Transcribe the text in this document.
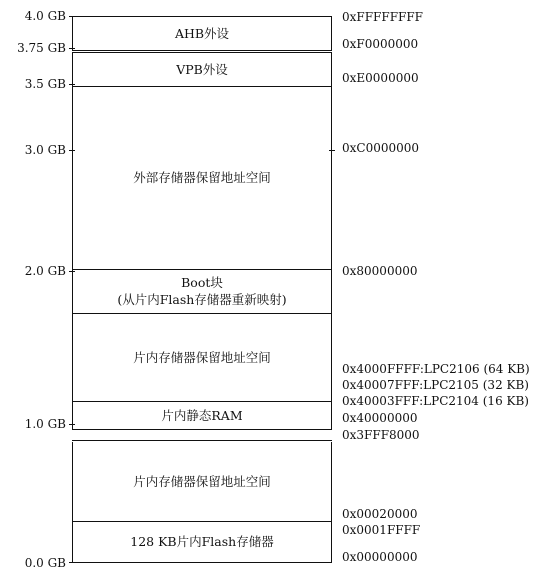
4.0 GB
3.75 GB
3.5 GB
3.0 GB
2.0 GB
1.0 GB
0.0 GB
AHB外设
VPB外设
外部存储器保留地址空间
Boot块
(从片内Flash存储器重新映射)
片内存储器保留地址空间
片内静态RAM
片内存储器保留地址空间
128 KB片内Flash存储器
0xFFFFFFFF
0xF0000000
0xE0000000
0xC0000000
0x80000000
0x4000FFFF:LPC2106 (64 KB)
0x40007FFF:LPC2105 (32 KB)
0x40003FFF:LPC2104 (16 KB)
0x40000000
0x3FFF8000
0x00020000
0x0001FFFF
0x00000000
